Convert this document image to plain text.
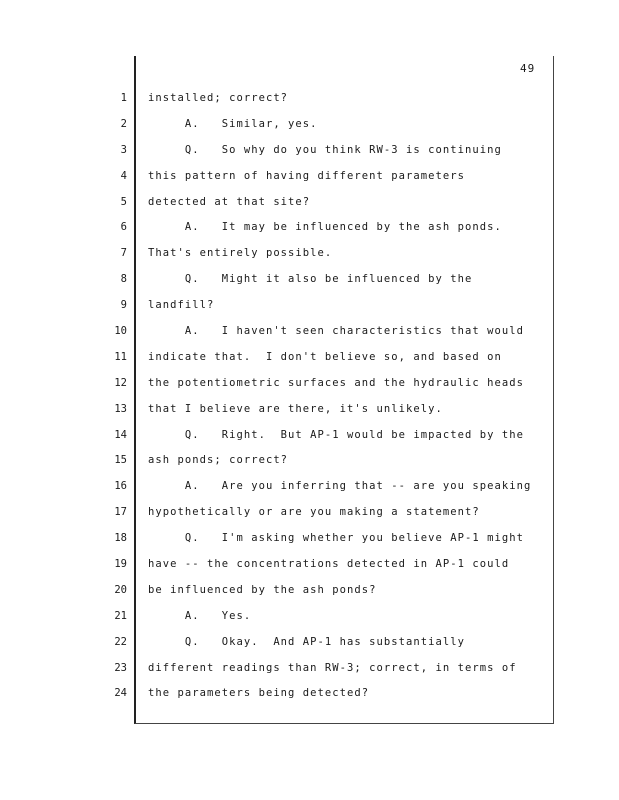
49
1
2
3
4
5
6
7
8
9
10
11
12
13
14
15
16
17
18
19
20
21
22
23
24
installed; correct?
A.   Similar, yes.
Q.   So why do you think RW-3 is continuing
this pattern of having different parameters
detected at that site?
A.   It may be influenced by the ash ponds.
That's entirely possible.
Q.   Might it also be influenced by the
landfill?
A.   I haven't seen characteristics that would
indicate that.  I don't believe so, and based on
the potentiometric surfaces and the hydraulic heads
that I believe are there, it's unlikely.
Q.   Right.  But AP-1 would be impacted by the
ash ponds; correct?
A.   Are you inferring that -- are you speaking
hypothetically or are you making a statement?
Q.   I'm asking whether you believe AP-1 might
have -- the concentrations detected in AP-1 could
be influenced by the ash ponds?
A.   Yes.
Q.   Okay.  And AP-1 has substantially
different readings than RW-3; correct, in terms of
the parameters being detected?
